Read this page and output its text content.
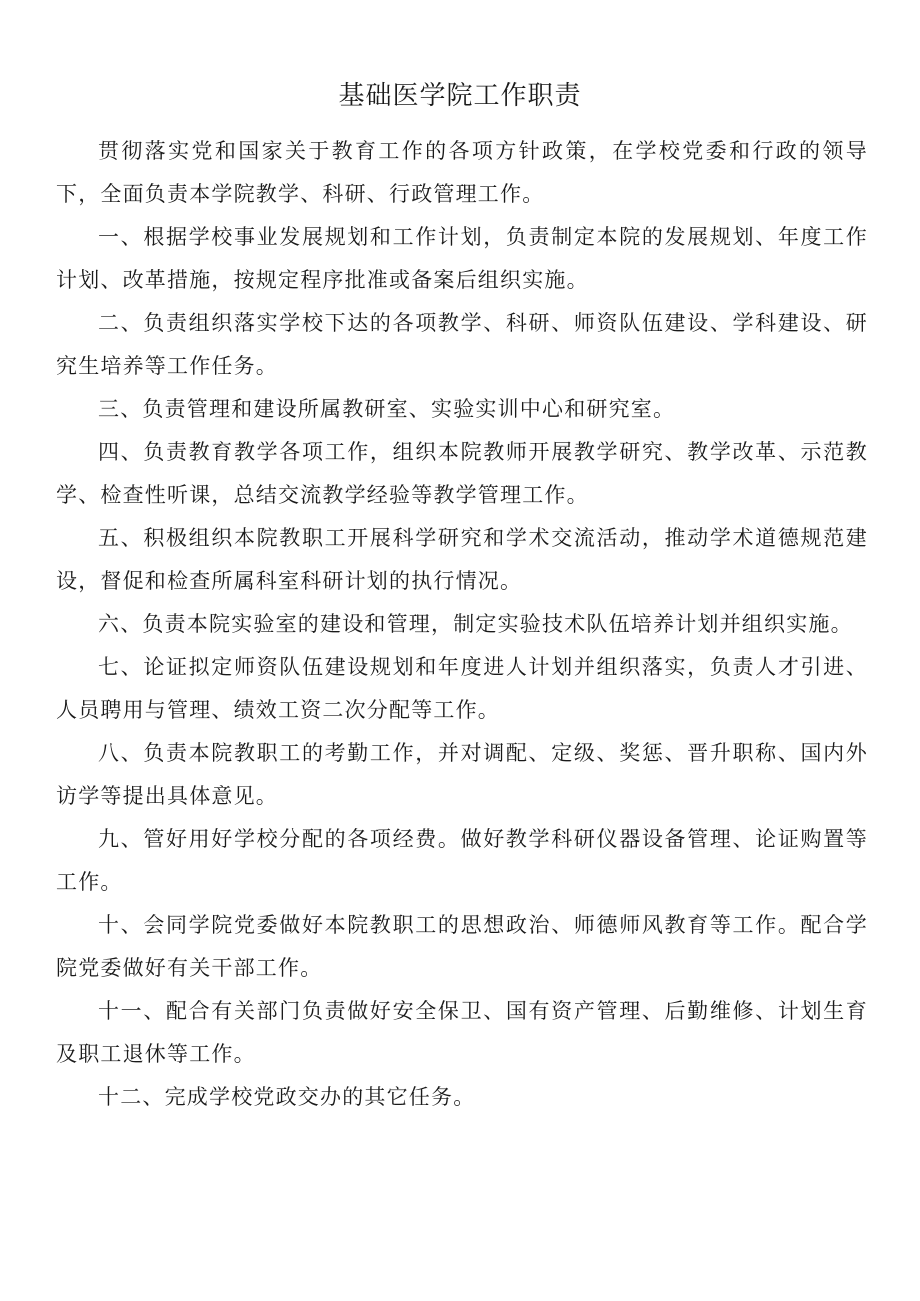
基础医学院工作职责

贯彻落实党和国家关于教育工作的各项方针政策，在学校党委和行政的领导下，全面负责本学院教学、科研、行政管理工作。

一、根据学校事业发展规划和工作计划，负责制定本院的发展规划、年度工作计划、改革措施，按规定程序批准或备案后组织实施。

二、负责组织落实学校下达的各项教学、科研、师资队伍建设、学科建设、研究生培养等工作任务。

三、负责管理和建设所属教研室、实验实训中心和研究室。

四、负责教育教学各项工作，组织本院教师开展教学研究、教学改革、示范教学、检查性听课，总结交流教学经验等教学管理工作。

五、积极组织本院教职工开展科学研究和学术交流活动，推动学术道德规范建设，督促和检查所属科室科研计划的执行情况。

六、负责本院实验室的建设和管理，制定实验技术队伍培养计划并组织实施。

七、论证拟定师资队伍建设规划和年度进人计划并组织落实，负责人才引进、人员聘用与管理、绩效工资二次分配等工作。

八、负责本院教职工的考勤工作，并对调配、定级、奖惩、晋升职称、国内外访学等提出具体意见。

九、管好用好学校分配的各项经费。做好教学科研仪器设备管理、论证购置等工作。

十、会同学院党委做好本院教职工的思想政治、师德师风教育等工作。配合学院党委做好有关干部工作。

十一、配合有关部门负责做好安全保卫、国有资产管理、后勤维修、计划生育及职工退休等工作。

十二、完成学校党政交办的其它任务。
